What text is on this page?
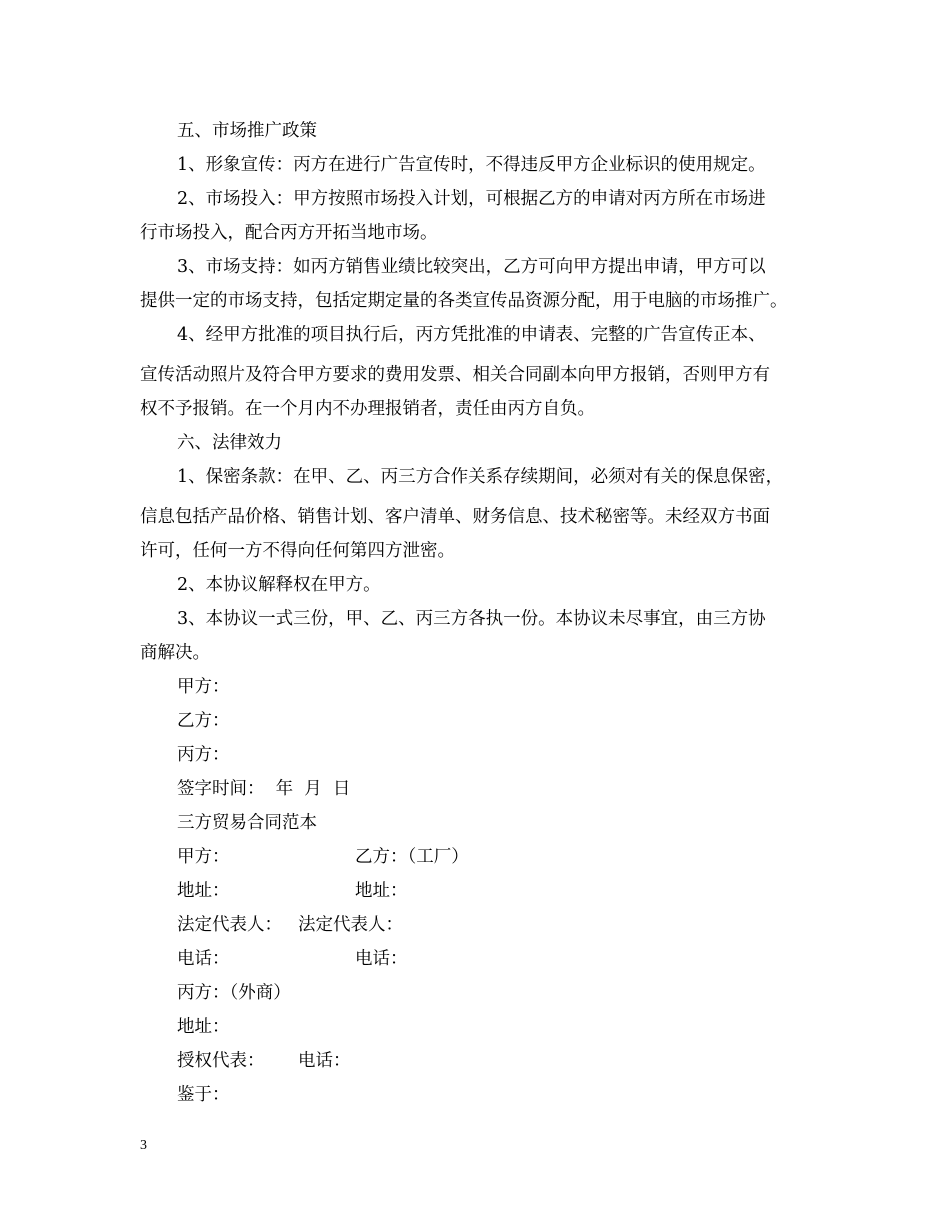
五、市场推广政策
1、形象宣传：丙方在进行广告宣传时，不得违反甲方企业标识的使用规定。
2、市场投入：甲方按照市场投入计划，可根据乙方的申请对丙方所在市场进
行市场投入，配合丙方开拓当地市场。
3、市场支持：如丙方销售业绩比较突出，乙方可向甲方提出申请，甲方可以
提供一定的市场支持，包括定期定量的各类宣传品资源分配，用于电脑的市场推广。
4、经甲方批准的项目执行后，丙方凭批准的申请表、完整的广告宣传正本、
宣传活动照片及符合甲方要求的费用发票、相关合同副本向甲方报销，否则甲方有
权不予报销。在一个月内不办理报销者，责任由丙方自负。
六、法律效力
1、保密条款：在甲、乙、丙三方合作关系存续期间，必须对有关的保息保密，
信息包括产品价格、销售计划、客户清单、财务信息、技术秘密等。未经双方书面
许可，任何一方不得向任何第四方泄密。
2、本协议解释权在甲方。
3、本协议一式三份，甲、乙、丙三方各执一份。本协议未尽事宜，由三方协
商解决。
甲方：
乙方：
丙方：
签字时间：  年  月  日
三方贸易合同范本
甲方：	乙方：（工厂）
地址：	地址：
法定代表人： 法定代表人：
电话：	电话：
丙方：（外商）
地址：
授权代表： 电话：
鉴于：
3
